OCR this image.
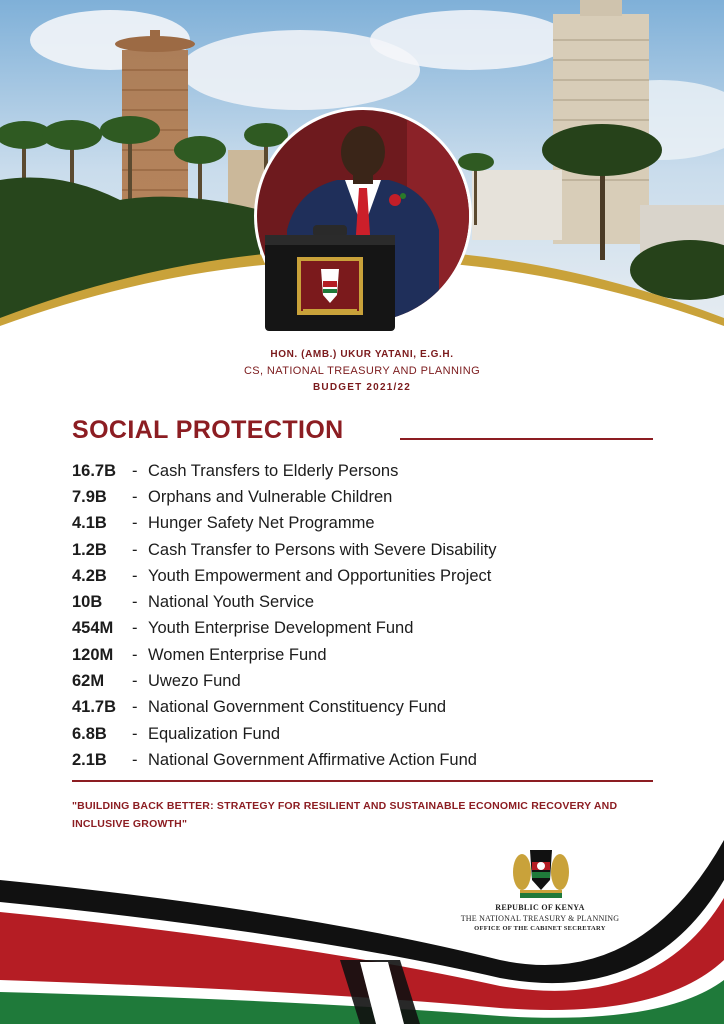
HON. (AMB.) UKUR YATANI, E.G.H.
CS, NATIONAL TREASURY AND PLANNING
BUDGET 2021/22
SOCIAL PROTECTION
16.7B - Cash Transfers to Elderly Persons
7.9B	- Orphans and Vulnerable Children
4.1B	- Hunger Safety Net Programme
1.2B	- Cash Transfer to Persons with Severe Disability
4.2B	- Youth Empowerment and Opportunities Project
10B	- National Youth Service
454M	- Youth Enterprise Development Fund
120M	- Women Enterprise Fund
62M	- Uwezo Fund
41.7B - National Government Constituency Fund
6.8B	- Equalization Fund
2.1B	- National Government Affirmative Action Fund
"BUILDING BACK BETTER: STRATEGY FOR RESILIENT AND SUSTAINABLE ECONOMIC RECOVERY AND INCLUSIVE GROWTH"
REPUBLIC OF KENYA
THE NATIONAL TREASURY & PLANNING
OFFICE OF THE CABINET SECRETARY
